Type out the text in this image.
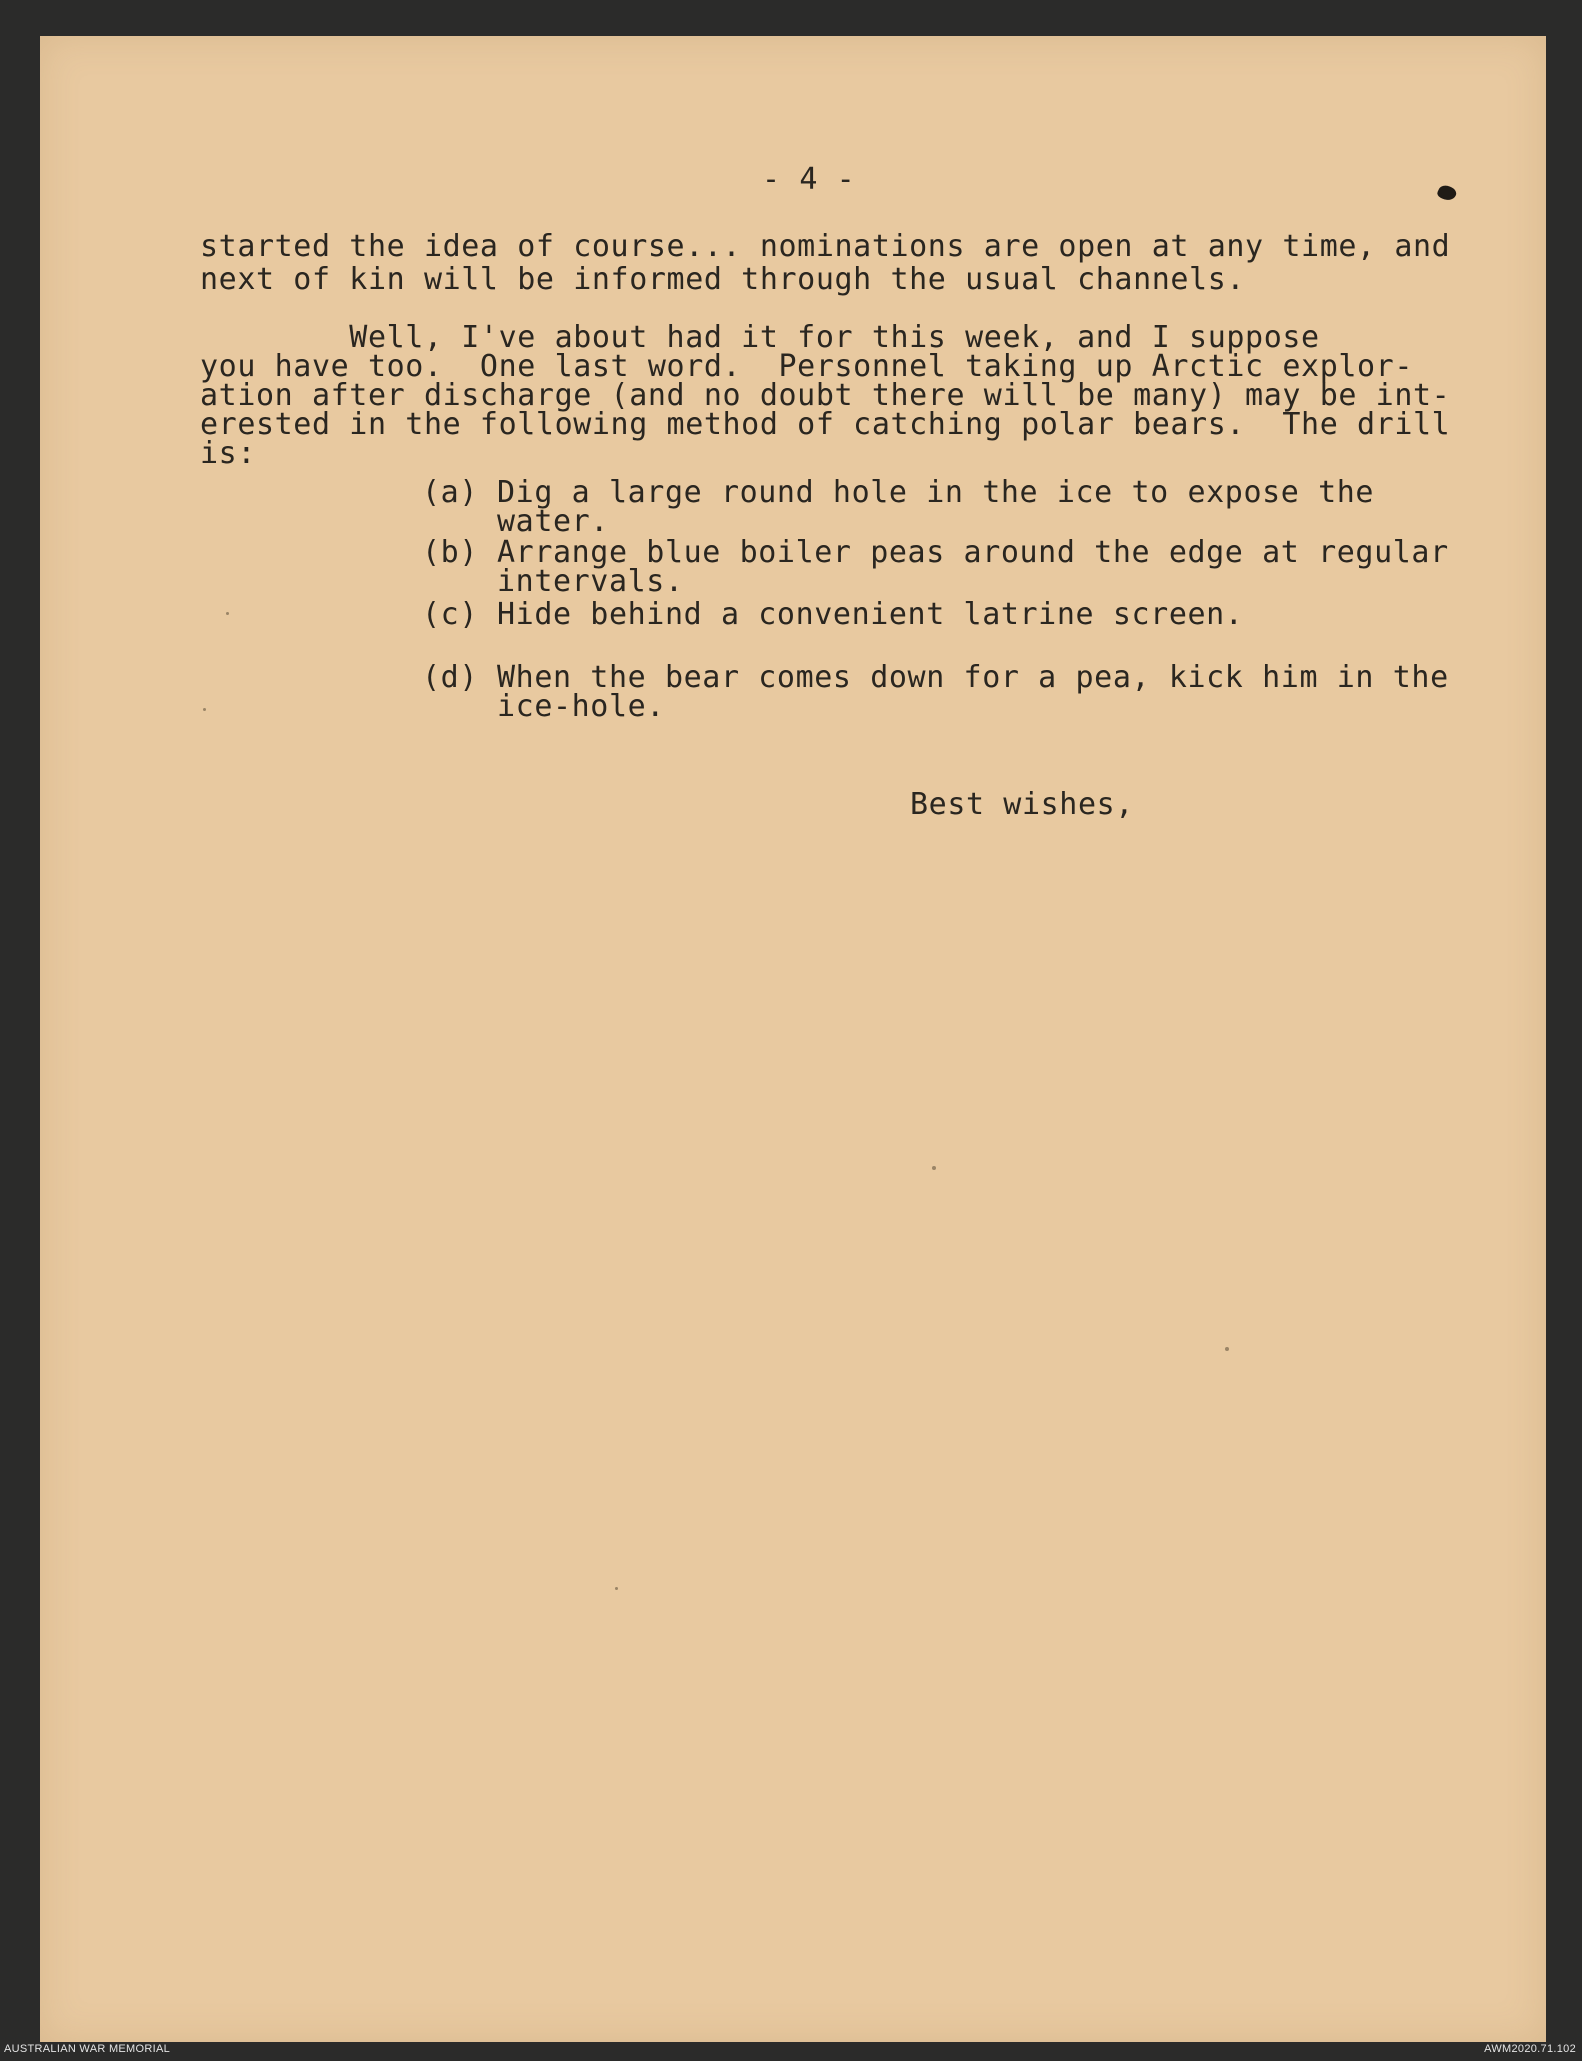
- 4 -
started the idea of course... nominations are open at any time, and
next of kin will be informed through the usual channels.
Well, I've about had it for this week, and I suppose
you have too.  One last word.  Personnel taking up Arctic explor-
ation after discharge (and no doubt there will be many) may be int-
erested in the following method of catching polar bears.  The drill
is:
(a) Dig a large round hole in the ice to expose the
water.
(b) Arrange blue boiler peas around the edge at regular
intervals.
(c) Hide behind a convenient latrine screen.
(d) When the bear comes down for a pea, kick him in the
ice-hole.
Best wishes,
AUSTRALIAN WAR MEMORIAL	AWM2020.71.102
